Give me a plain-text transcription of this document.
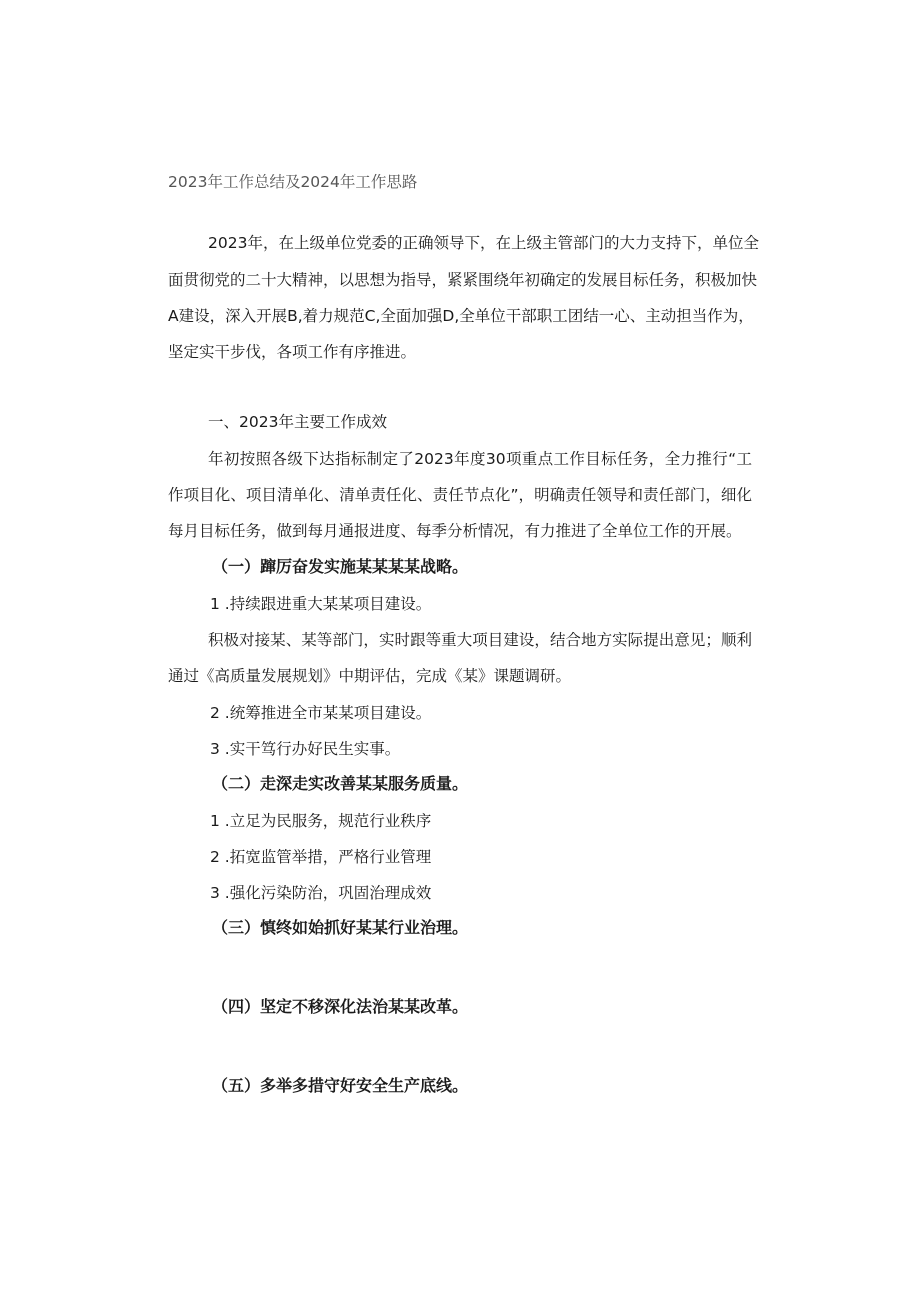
2023年工作总结及2024年工作思路
2023年，在上级单位党委的正确领导下，在上级主管部门的大力支持下，单位全
面贯彻党的二十大精神，以思想为指导，紧紧围绕年初确定的发展目标任务，积极加快
A建设，深入开展B,着力规范C,全面加强D,全单位干部职工团结一心、主动担当作为，
坚定实干步伐，各项工作有序推进。
一、2023年主要工作成效
年初按照各级下达指标制定了2023年度30项重点工作目标任务，全力推行“工
作项目化、项目清单化、清单责任化、责任节点化”，明确责任领导和责任部门，细化
每月目标任务，做到每月通报进度、每季分析情况，有力推进了全单位工作的开展。
（一）蹿厉奋发实施某某某某战略。
1 .持续跟进重大某某项目建设。
积极对接某、某等部门，实时跟等重大项目建设，结合地方实际提出意见；顺利
通过《高质量发展规划》中期评估，完成《某》课题调研。
2 .统筹推进全市某某项目建设。
3 .实干笃行办好民生实事。
（二）走深走实改善某某服务质量。
1 .立足为民服务，规范行业秩序
2 .拓宽监管举措，严格行业管理
3 .强化污染防治，巩固治理成效
（三）慎终如始抓好某某行业治理。
（四）坚定不移深化法治某某改革。
（五）多举多措守好安全生产底线。
